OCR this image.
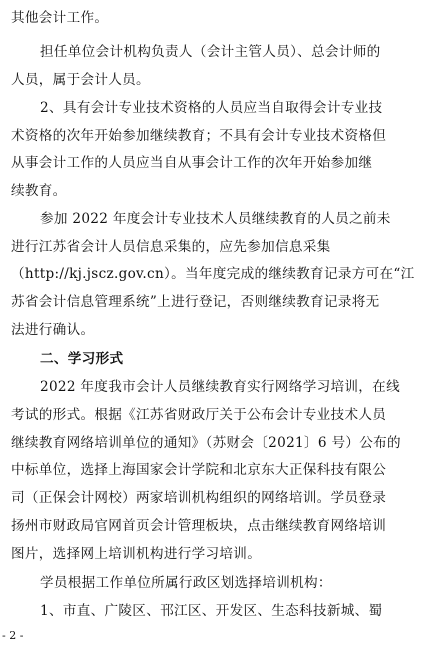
其他会计工作。
担任单位会计机构负责人（会计主管人员）、总会计师的
人员，属于会计人员。
2、具有会计专业技术资格的人员应当自取得会计专业技
术资格的次年开始参加继续教育；不具有会计专业技术资格但
从事会计工作的人员应当自从事会计工作的次年开始参加继
续教育。
参加 2022 年度会计专业技术人员继续教育的人员之前未
进行江苏省会计人员信息采集的，应先参加信息采集
（http://kj.jscz.gov.cn）。当年度完成的继续教育记录方可在“江
苏省会计信息管理系统”上进行登记，否则继续教育记录将无
法进行确认。
二、学习形式
2022 年度我市会计人员继续教育实行网络学习培训，在线
考试的形式。根据《江苏省财政厅关于公布会计专业技术人员
继续教育网络培训单位的通知》（苏财会〔2021〕6 号）公布的
中标单位，选择上海国家会计学院和北京东大正保科技有限公
司（正保会计网校）两家培训机构组织的网络培训。学员登录
扬州市财政局官网首页会计管理板块，点击继续教育网络培训
图片，选择网上培训机构进行学习培训。
学员根据工作单位所属行政区划选择培训机构：
1、市直、广陵区、邗江区、开发区、生态科技新城、蜀
- 2 -
